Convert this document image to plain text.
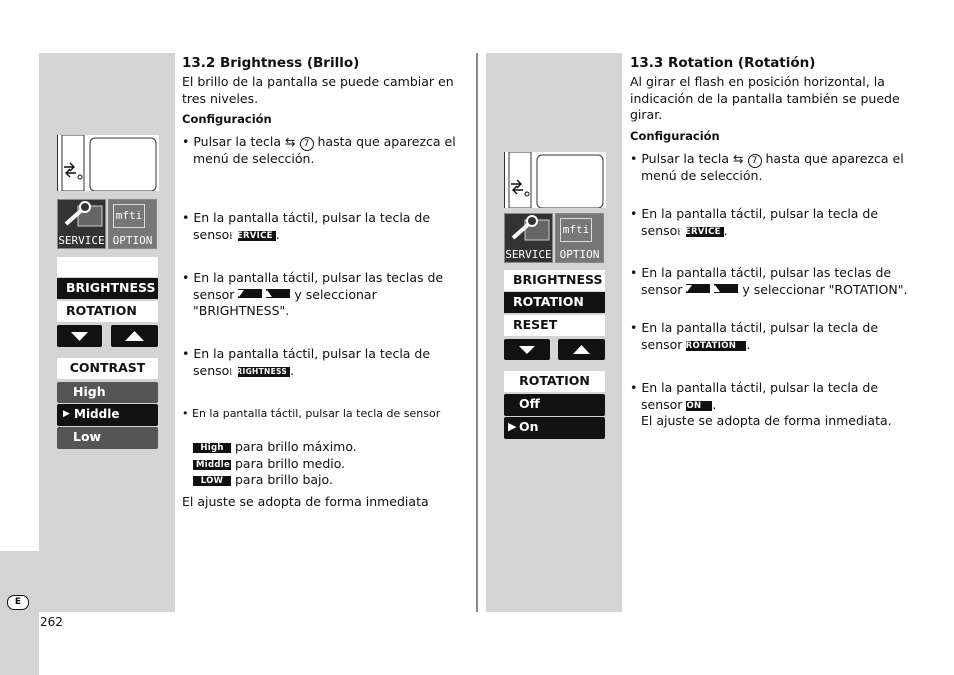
E
262
SERVICE
mfti
OPTION
BRIGHTNESS
ROTATION
CONTRAST
High
▶ Middle
Low
13.2 Brightness (Brillo)
El brillo de la pantalla se puede cambiar en tres niveles.
Configuración
• Pulsar la tecla ⇆ 7 hasta que aparezca el menú de selección.
• En la pantalla táctil, pulsar la tecla de sensor SERVICE .
• En la pantalla táctil, pulsar las teclas de sensor	y seleccionar "BRIGHTNESS".
• En la pantalla táctil, pulsar la tecla de sensor BRIGHTNESS .
• En la pantalla táctil, pulsar la tecla de sensor
High para brillo máximo.
Middle para brillo medio.
LOW para brillo bajo.
El ajuste se adopta de forma inmediata
SERVICE
mfti
OPTION
BRIGHTNESS
ROTATION
RESET
ROTATION
Off
▶ On
13.3 Rotation (Rotatión)
Al girar el flash en posición horizontal, la indicación de la pantalla también se puede girar.
Configuración
• Pulsar la tecla ⇆ 7 hasta que aparezca el menú de selección.
• En la pantalla táctil, pulsar la tecla de sensor SERVICE .
• En la pantalla táctil, pulsar las teclas de sensor	y seleccionar "ROTATION".
• En la pantalla táctil, pulsar la tecla de sensor ROTATION .
• En la pantalla táctil, pulsar la tecla de sensor ON .
El ajuste se adopta de forma inmediata.
